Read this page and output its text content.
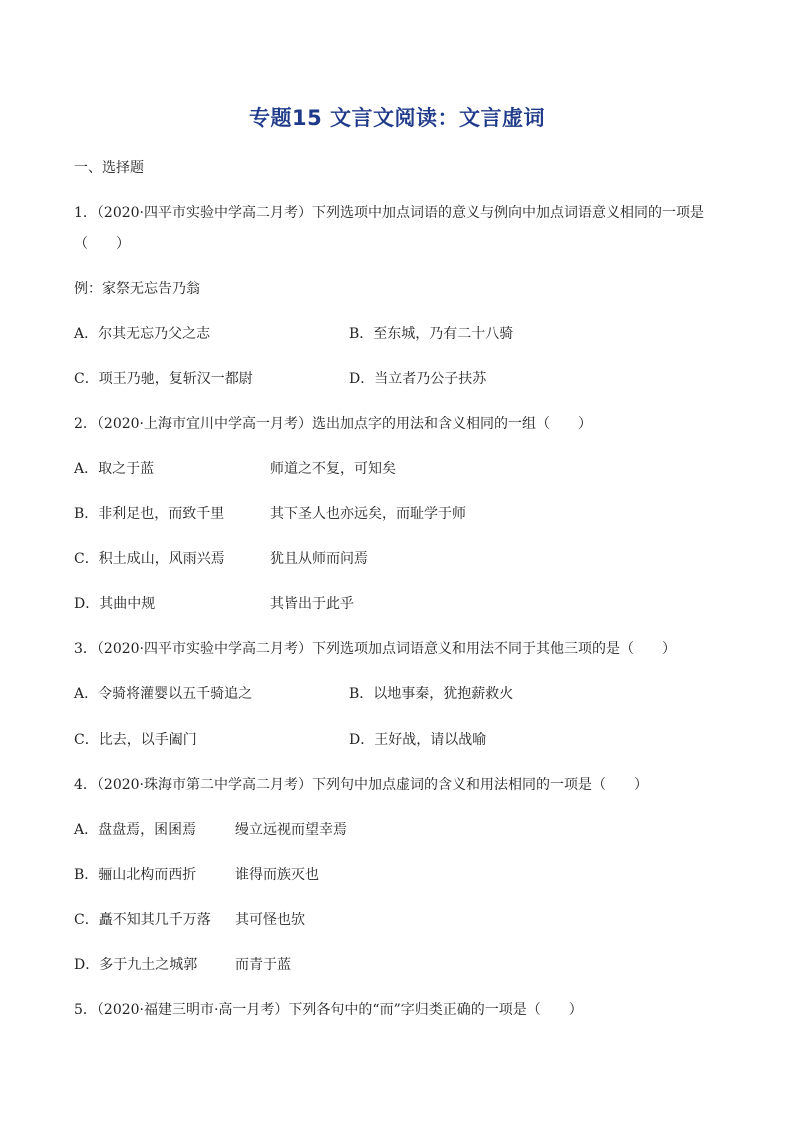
专题15 文言文阅读：文言虚词
一、选择题
1．（2020·四平市实验中学高二月考）下列选项中加点词语的意义与例向中加点词语意义相同的一项是
（　　）
例：家祭无忘告乃翁
A．尔其无忘乃父之志	B．至东城，乃有二十八骑
C．项王乃驰，复斩汉一都尉	D．当立者乃公子扶苏
2．（2020·上海市宜川中学高一月考）选出加点字的用法和含义相同的一组（　　）
A．取之于蓝	师道之不复，可知矣
B．非利足也，而致千里	其下圣人也亦远矣，而耻学于师
C．积土成山，风雨兴焉	犹且从师而问焉
D．其曲中规	其皆出于此乎
3．（2020·四平市实验中学高二月考）下列选项加点词语意义和用法不同于其他三项的是（　　）
A．令骑将灌婴以五千骑追之	B．以地事秦，犹抱薪救火
C．比去，以手阖门	D．王好战，请以战喻
4．（2020·珠海市第二中学高二月考）下列句中加点虚词的含义和用法相同的一项是（　　）
A．盘盘焉，囷囷焉	缦立远视而望幸焉
B．骊山北构而西折	谁得而族灭也
C．矗不知其几千万落 其可怪也欤
D．多于九土之城郭	而青于蓝
5．（2020·福建三明市·高一月考）下列各句中的“而”字归类正确的一项是（　　）
